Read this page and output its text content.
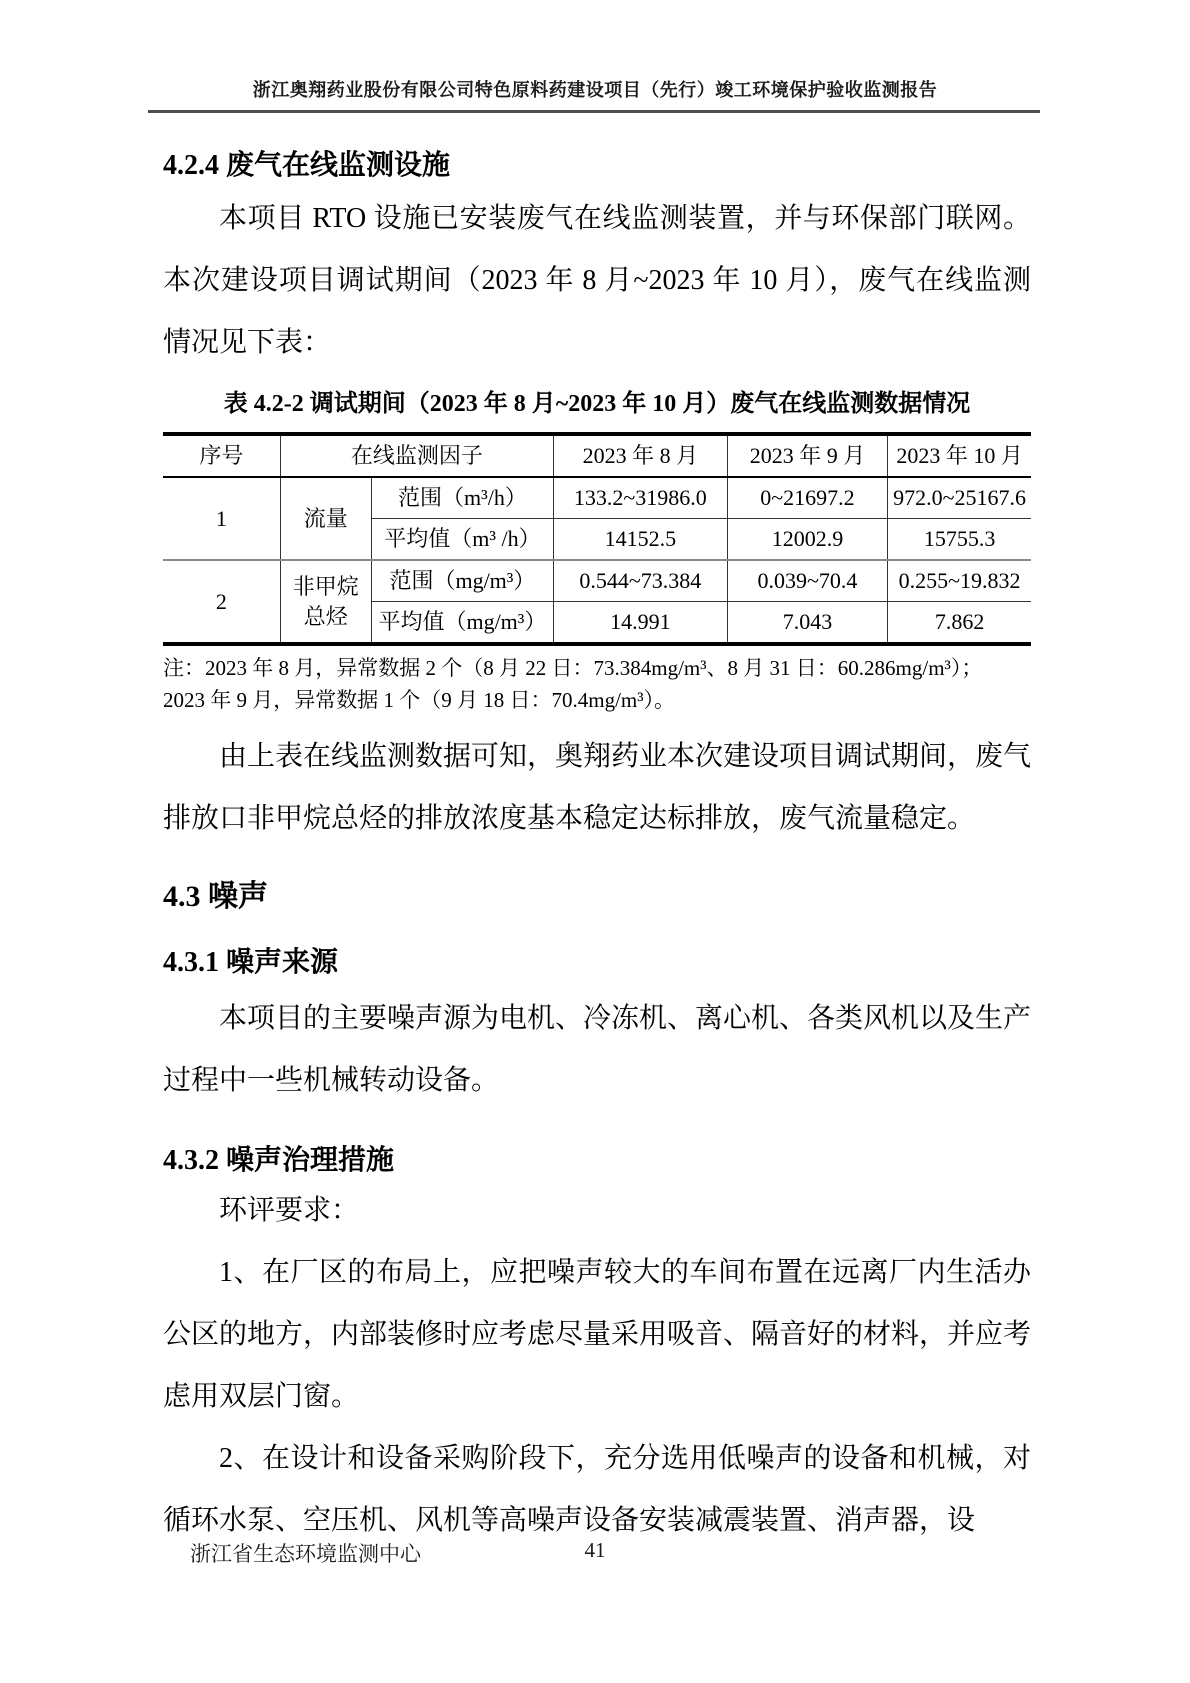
浙江奥翔药业股份有限公司特色原料药建设项目（先行）竣工环境保护验收监测报告
4.2.4 废气在线监测设施

本项目 RTO 设施已安装废气在线监测装置，并与环保部门联网。本次建设项目调试期间（2023 年 8 月~2023 年 10 月），废气在线监测情况见下表：

表 4.2-2 调试期间（2023 年 8 月~2023 年 10 月）废气在线监测数据情况
序号	在线监测因子		2023 年 8 月	2023 年 9 月	2023 年 10 月
1	流量	范围（m³/h）	133.2~31986.0	0~21697.2	972.0~25167.6
		平均值（m³ /h）	14152.5	12002.9	15755.3
2	非甲烷总烃	范围（mg/m³）	0.544~73.384	0.039~70.4	0.255~19.832
		平均值（mg/m³）	14.991	7.043	7.862
注：2023 年 8 月，异常数据 2 个（8 月 22 日：73.384mg/m³、8 月 31 日：60.286mg/m³）；
2023 年 9 月，异常数据 1 个（9 月 18 日：70.4mg/m³）。

由上表在线监测数据可知，奥翔药业本次建设项目调试期间，废气排放口非甲烷总烃的排放浓度基本稳定达标排放，废气流量稳定。

4.3 噪声
4.3.1 噪声来源

本项目的主要噪声源为电机、冷冻机、离心机、各类风机以及生产过程中一些机械转动设备。

4.3.2 噪声治理措施

环评要求：

1、在厂区的布局上，应把噪声较大的车间布置在远离厂内生活办公区的地方，内部装修时应考虑尽量采用吸音、隔音好的材料，并应考虑用双层门窗。

2、在设计和设备采购阶段下，充分选用低噪声的设备和机械，对循环水泵、空压机、风机等高噪声设备安装减震装置、消声器，设

浙江省生态环境监测中心	41
